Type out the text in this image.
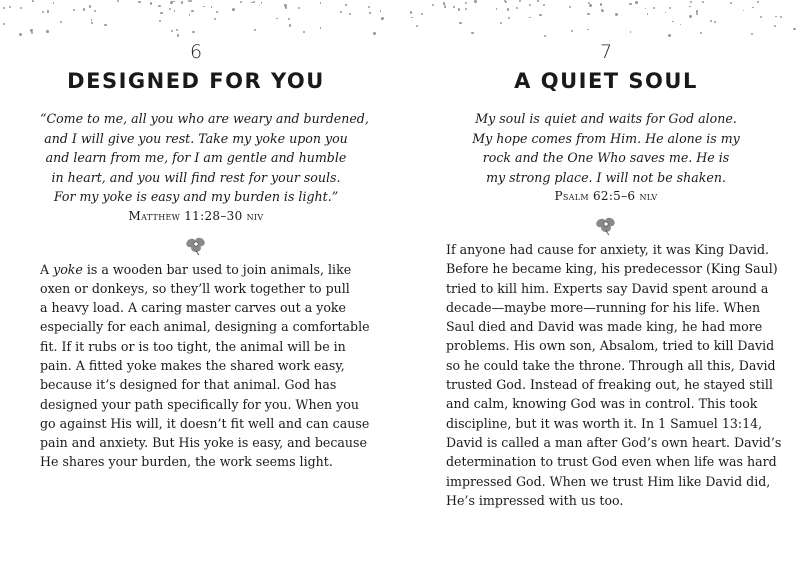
6
DESIGNED FOR YOU
“Come to me, all you who are weary and burdened,
and I will give you rest. Take my yoke upon you
and learn from me, for I am gentle and humble
in heart, and you will find rest for your souls.
For my yoke is easy and my burden is light.”
Matthew 11:28–30 niv
A yoke is a wooden bar used to join animals, like
oxen or donkeys, so they’ll work together to pull
a heavy load. A caring master carves out a yoke
especially for each animal, designing a comfortable
fit. If it rubs or is too tight, the animal will be in
pain. A fitted yoke makes the shared work easy,
because it’s designed for that animal. God has
designed your path specifically for you. When you
go against His will, it doesn’t fit well and can cause
pain and anxiety. But His yoke is easy, and because
He shares your burden, the work seems light.
7
A QUIET SOUL
My soul is quiet and waits for God alone.
My hope comes from Him. He alone is my
rock and the One Who saves me. He is
my strong place. I will not be shaken.
Psalm 62:5–6 nlv
If anyone had cause for anxiety, it was King David.
Before he became king, his predecessor (King Saul)
tried to kill him. Experts say David spent around a
decade—maybe more—running for his life. When
Saul died and David was made king, he had more
problems. His own son, Absalom, tried to kill David
so he could take the throne. Through all this, David
trusted God. Instead of freaking out, he stayed still
and calm, knowing God was in control. This took
discipline, but it was worth it. In 1 Samuel 13:14,
David is called a man after God’s own heart. David’s
determination to trust God even when life was hard
impressed God. When we trust Him like David did,
He’s impressed with us too.
